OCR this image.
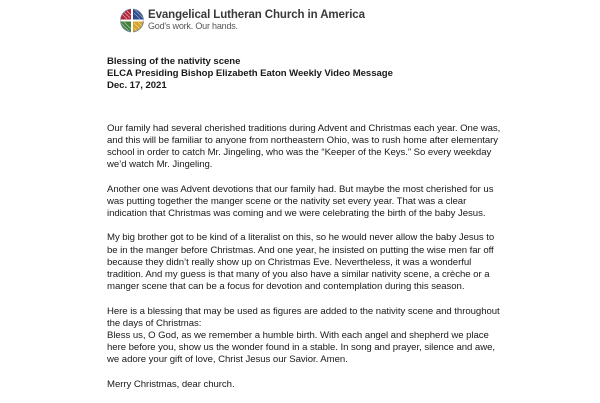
Evangelical Lutheran Church in America
God's work. Our hands.

Blessing of the nativity scene

ELCA Presiding Bishop Elizabeth Eaton Weekly Video Message

Dec. 17, 2021

Our family had several cherished traditions during Advent and Christmas each year. One was, and this will be familiar to anyone from northeastern Ohio, was to rush home after elementary school in order to catch Mr. Jingeling, who was the “Keeper of the Keys.” So every weekday we’d watch Mr. Jingeling.

Another one was Advent devotions that our family had. But maybe the most cherished for us was putting together the manger scene or the nativity set every year. That was a clear indication that Christmas was coming and we were celebrating the birth of the baby Jesus.

My big brother got to be kind of a literalist on this, so he would never allow the baby Jesus to be in the manger before Christmas. And one year, he insisted on putting the wise men far off because they didn’t really show up on Christmas Eve. Nevertheless, it was a wonderful tradition. And my guess is that many of you also have a similar nativity scene, a crèche or a manger scene that can be a focus for devotion and contemplation during this season.

Here is a blessing that may be used as figures are added to the nativity scene and throughout the days of Christmas:

Bless us, O God, as we remember a humble birth. With each angel and shepherd we place here before you, show us the wonder found in a stable. In song and prayer, silence and awe, we adore your gift of love, Christ Jesus our Savior. Amen.

Merry Christmas, dear church.
